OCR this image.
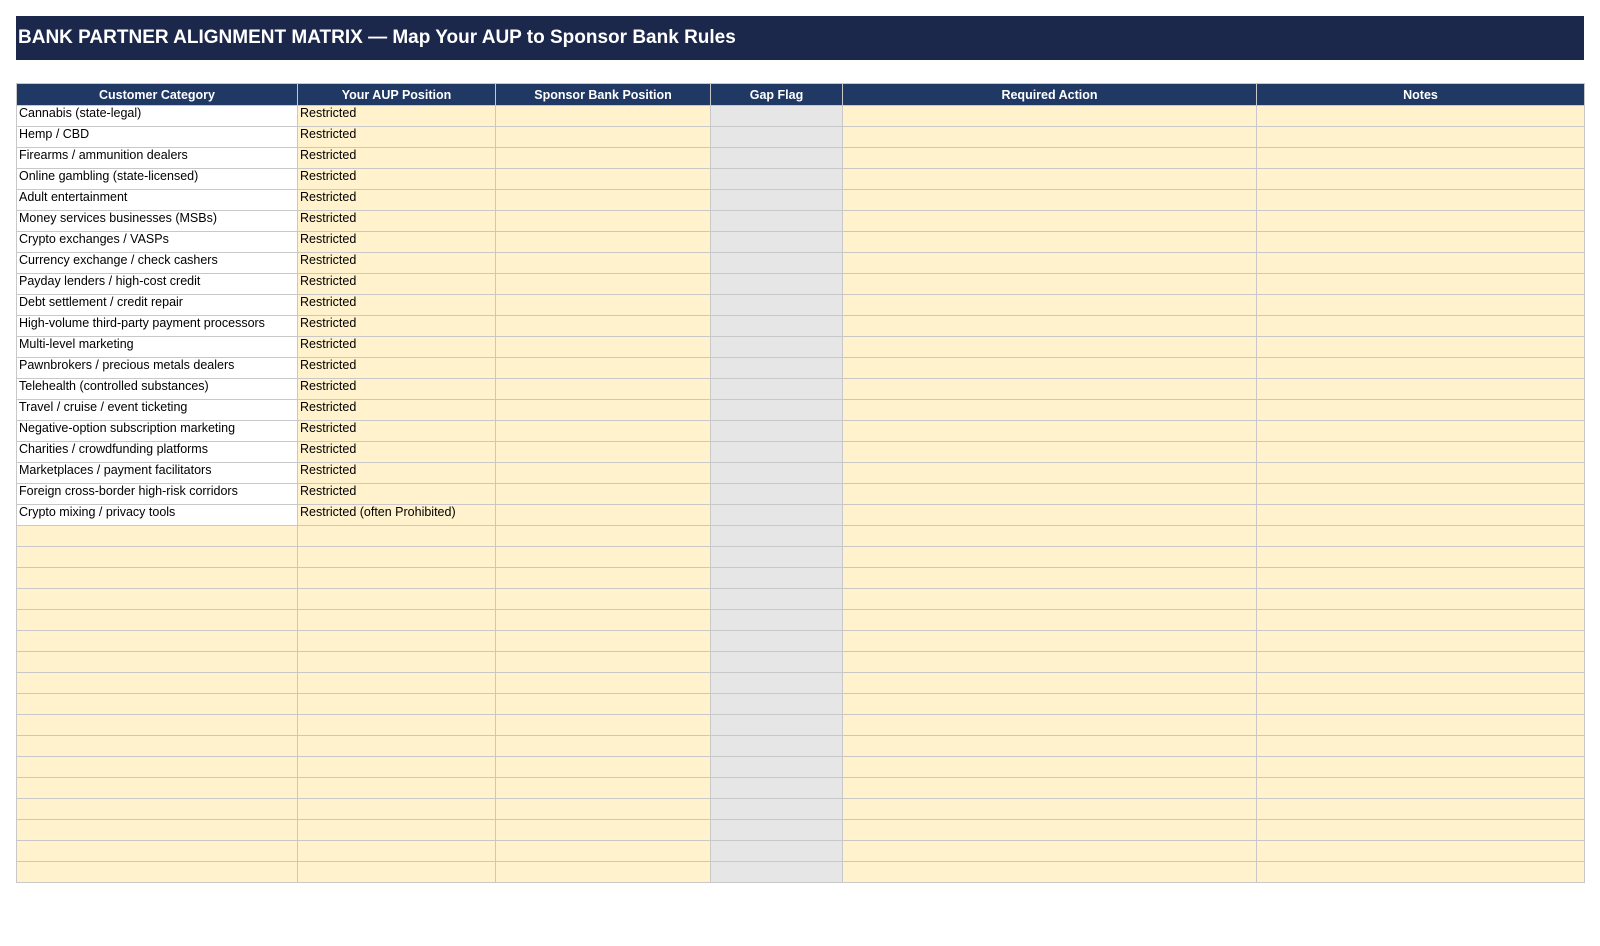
BANK PARTNER ALIGNMENT MATRIX — Map Your AUP to Sponsor Bank Rules
Customer Category	Your AUP Position	Sponsor Bank Position	Gap Flag	Required Action	Notes
Cannabis (state-legal)	Restricted				
Hemp / CBD	Restricted				
Firearms / ammunition dealers	Restricted				
Online gambling (state-licensed)	Restricted				
Adult entertainment	Restricted				
Money services businesses (MSBs)	Restricted				
Crypto exchanges / VASPs	Restricted				
Currency exchange / check cashers	Restricted				
Payday lenders / high-cost credit	Restricted				
Debt settlement / credit repair	Restricted				
High-volume third-party payment processors	Restricted				
Multi-level marketing	Restricted				
Pawnbrokers / precious metals dealers	Restricted				
Telehealth (controlled substances)	Restricted				
Travel / cruise / event ticketing	Restricted				
Negative-option subscription marketing	Restricted				
Charities / crowdfunding platforms	Restricted				
Marketplaces / payment facilitators	Restricted				
Foreign cross-border high-risk corridors	Restricted				
Crypto mixing / privacy tools	Restricted (often Prohibited)				
